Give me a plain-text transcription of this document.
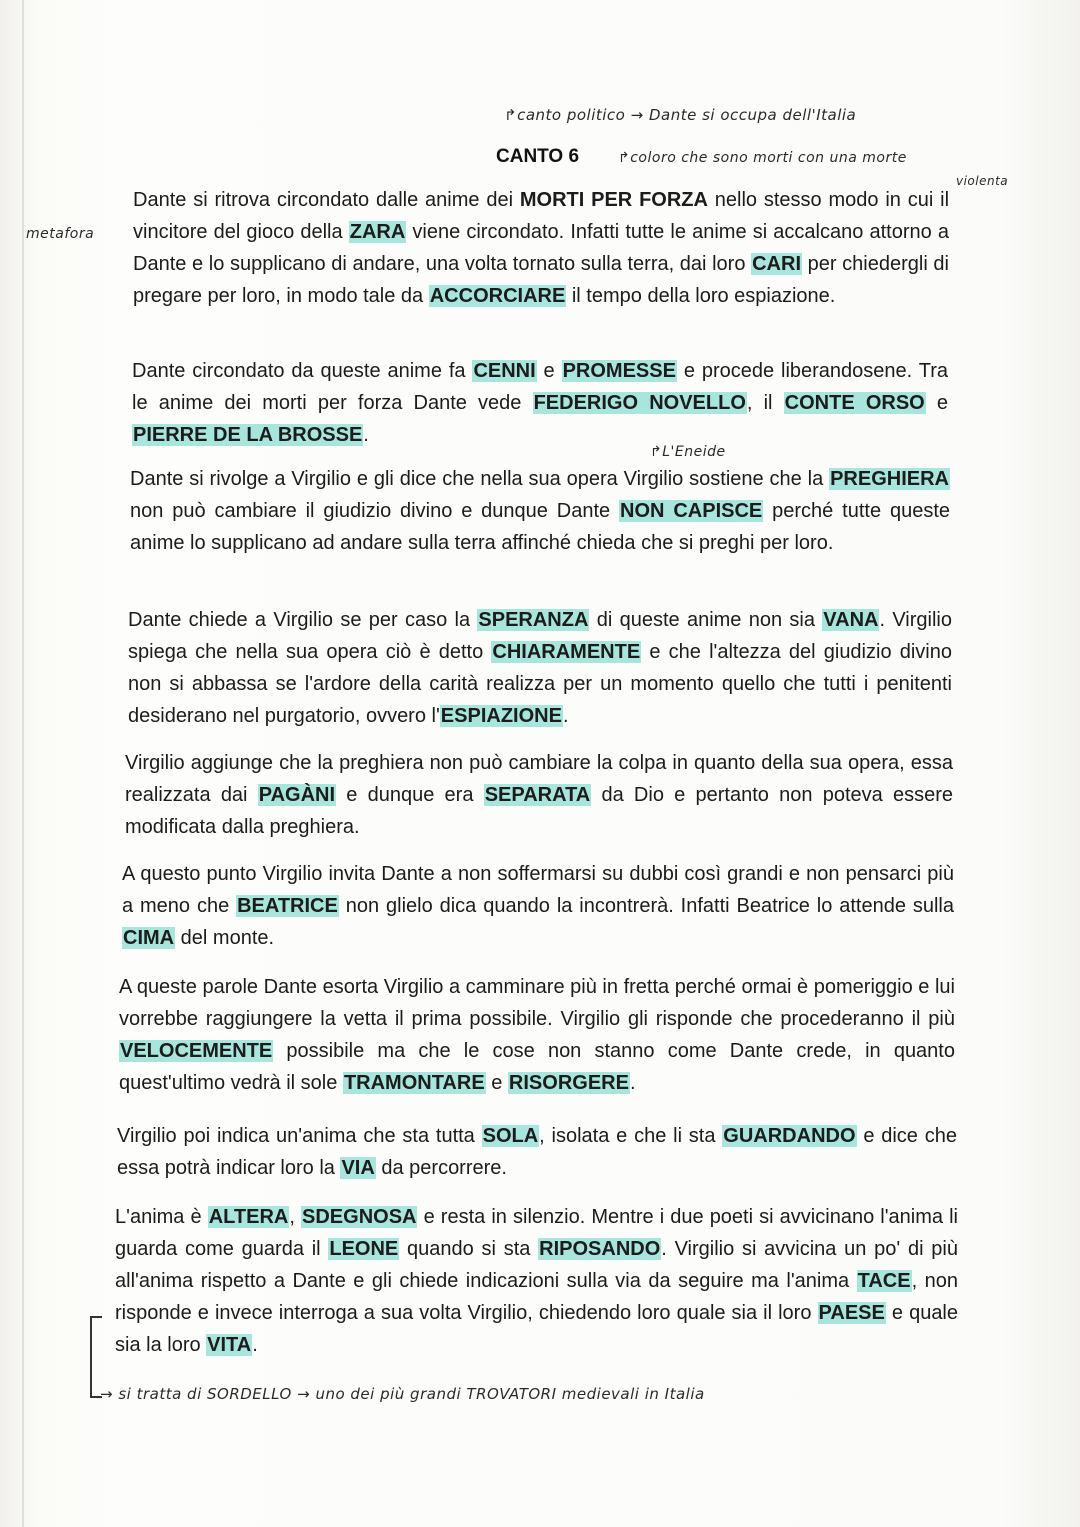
↱canto politico → Dante si occupa dell'Italia
CANTO 6	↱coloro che sono morti con una morte
violenta
metafora
↱L'Eneide

Dante si ritrova circondato dalle anime dei MORTI PER FORZA nello stesso modo in cui il vincitore del gioco della ZARA viene circondato. Infatti tutte le anime si accalcano attorno a Dante e lo supplicano di andare, una volta tornato sulla terra, dai loro CARI per chiedergli di pregare per loro, in modo tale da ACCORCIARE il tempo della loro espiazione.

Dante circondato da queste anime fa CENNI e PROMESSE e procede liberandosene. Tra le anime dei morti per forza Dante vede FEDERIGO NOVELLO, il CONTE ORSO e PIERRE DE LA BROSSE.

Dante si rivolge a Virgilio e gli dice che nella sua opera Virgilio sostiene che la PREGHIERA non può cambiare il giudizio divino e dunque Dante NON CAPISCE perché tutte queste anime lo supplicano ad andare sulla terra affinché chieda che si preghi per loro.

Dante chiede a Virgilio se per caso la SPERANZA di queste anime non sia VANA. Virgilio spiega che nella sua opera ciò è detto CHIARAMENTE e che l'altezza del giudizio divino non si abbassa se l'ardore della carità realizza per un momento quello che tutti i penitenti desiderano nel purgatorio, ovvero l'ESPIAZIONE.

Virgilio aggiunge che la preghiera non può cambiare la colpa in quanto della sua opera, essa realizzata dai PAGÀNI e dunque era SEPARATA da Dio e pertanto non poteva essere modificata dalla preghiera.

A questo punto Virgilio invita Dante a non soffermarsi su dubbi così grandi e non pensarci più a meno che BEATRICE non glielo dica quando la incontrerà. Infatti Beatrice lo attende sulla CIMA del monte.

A queste parole Dante esorta Virgilio a camminare più in fretta perché ormai è pomeriggio e lui vorrebbe raggiungere la vetta il prima possibile. Virgilio gli risponde che procederanno il più VELOCEMENTE possibile ma che le cose non stanno come Dante crede, in quanto quest'ultimo vedrà il sole TRAMONTARE e RISORGERE.

Virgilio poi indica un'anima che sta tutta SOLA, isolata e che li sta GUARDANDO e dice che essa potrà indicar loro la VIA da percorrere.

L'anima è ALTERA, SDEGNOSA e resta in silenzio. Mentre i due poeti si avvicinano l'anima li guarda come guarda il LEONE quando si sta RIPOSANDO. Virgilio si avvicina un po' di più all'anima rispetto a Dante e gli chiede indicazioni sulla via da seguire ma l'anima TACE, non risponde e invece interroga a sua volta Virgilio, chiedendo loro quale sia il loro PAESE e quale sia la loro VITA.

→ si tratta di SORDELLO → uno dei più grandi TROVATORI medievali in Italia
